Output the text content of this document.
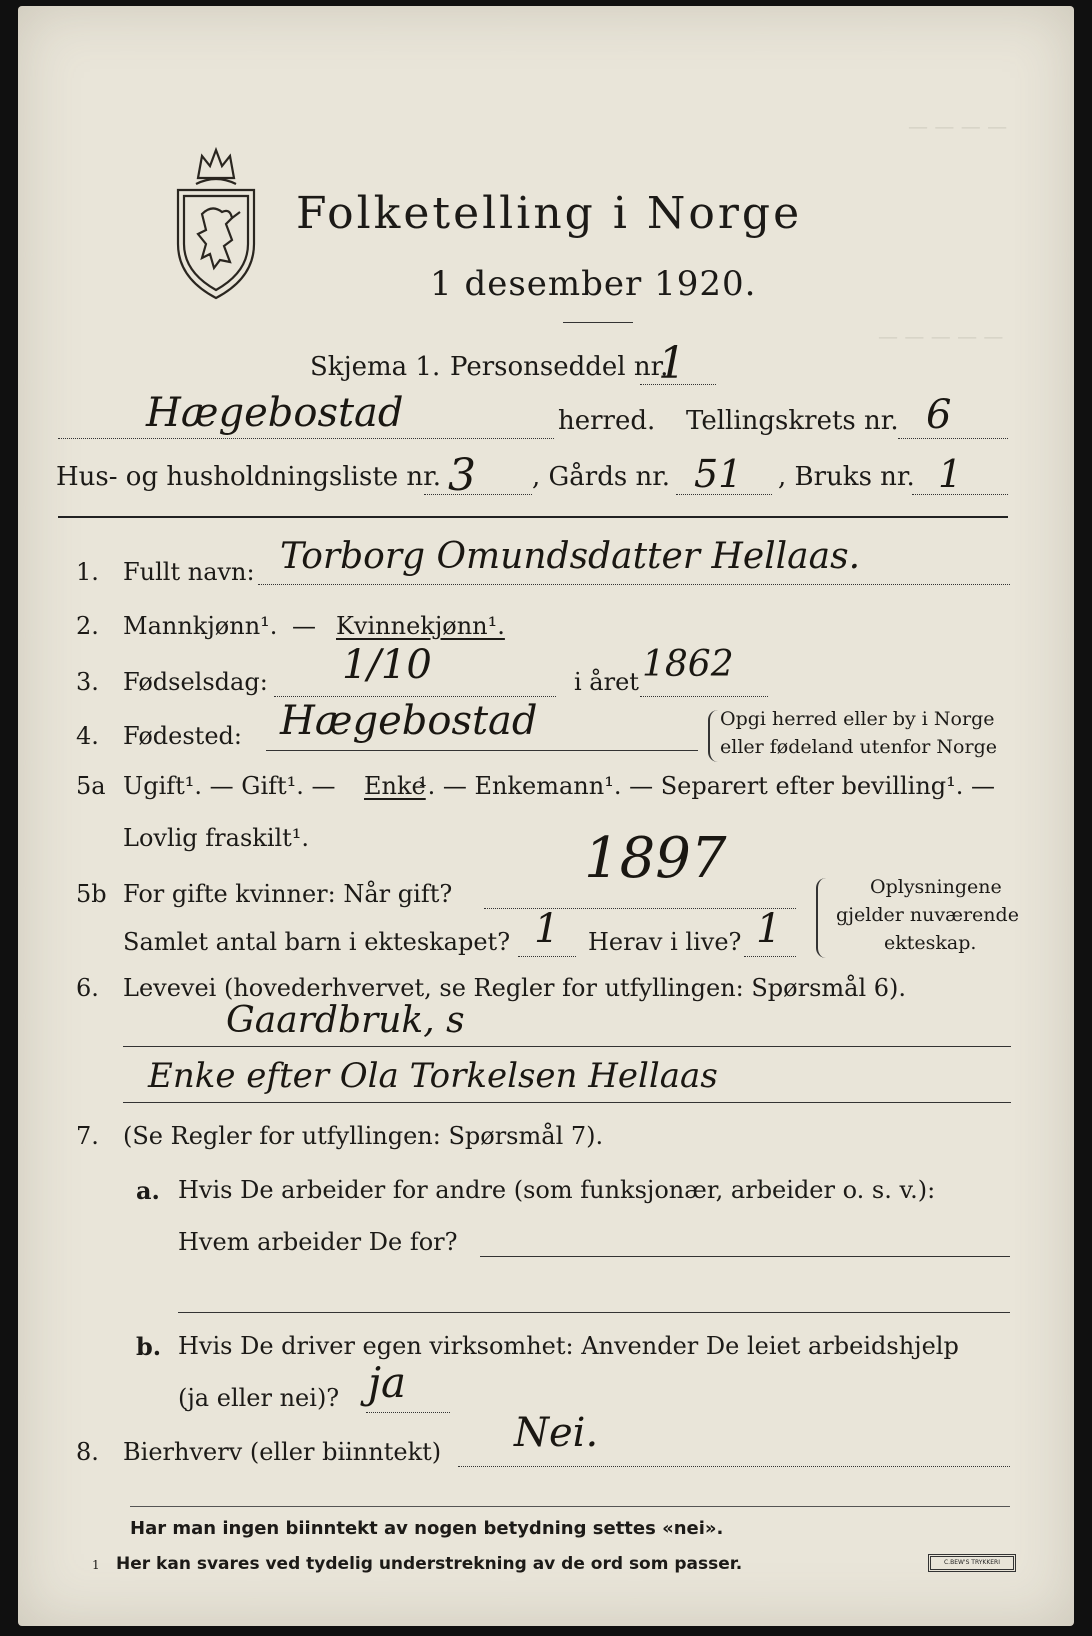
— — — —
— — — — —
Folketelling i Norge
1 desember 1920.
Skjema 1. Personseddel nr.
1
Hægebostad	herred. Tellingskrets nr. 6
Hus- og husholdningsliste nr. 3 , Gårds nr. 51 , Bruks nr. 1
1. Fullt navn: Torborg Omundsdatter Hellaas.
2. Mannkjønn¹. — Kvinnekjønn¹.
3. Fødselsdag: 1/10	i året 1862
4. Fødested: Hægebostad	Opgi herred eller by i Norge
eller fødeland utenfor Norge
5a Ugift¹. — Gift¹. — Enke
¹. — Enkemann¹. — Separert efter bevilling¹. —
Lovlig fraskilt¹.
5b For gifte kvinner: Når gift?
1897
Samlet antal barn i ekteskapet? 1 Herav i live? 1
Oplysningene
gjelder nuværende
ekteskap.
6. Levevei (hovederhvervet, se Regler for utfyllingen: Spørsmål 6).
Gaardbruk, s
Enke efter Ola Torkelsen Hellaas
7. (Se Regler for utfyllingen: Spørsmål 7).
a. Hvis De arbeider for andre (som funksjonær, arbeider o. s. v.):
Hvem arbeider De for?
b. Hvis De driver egen virksomhet: Anvender De leiet arbeidshjelp
(ja eller nei)? ja
8. Bierhverv (eller biinntekt) Nei.
Har man ingen biinntekt av nogen betydning settes «nei».
1 Her kan svares ved tydelig understrekning av de ord som passer.	C.BEW'S TRYKKERI
